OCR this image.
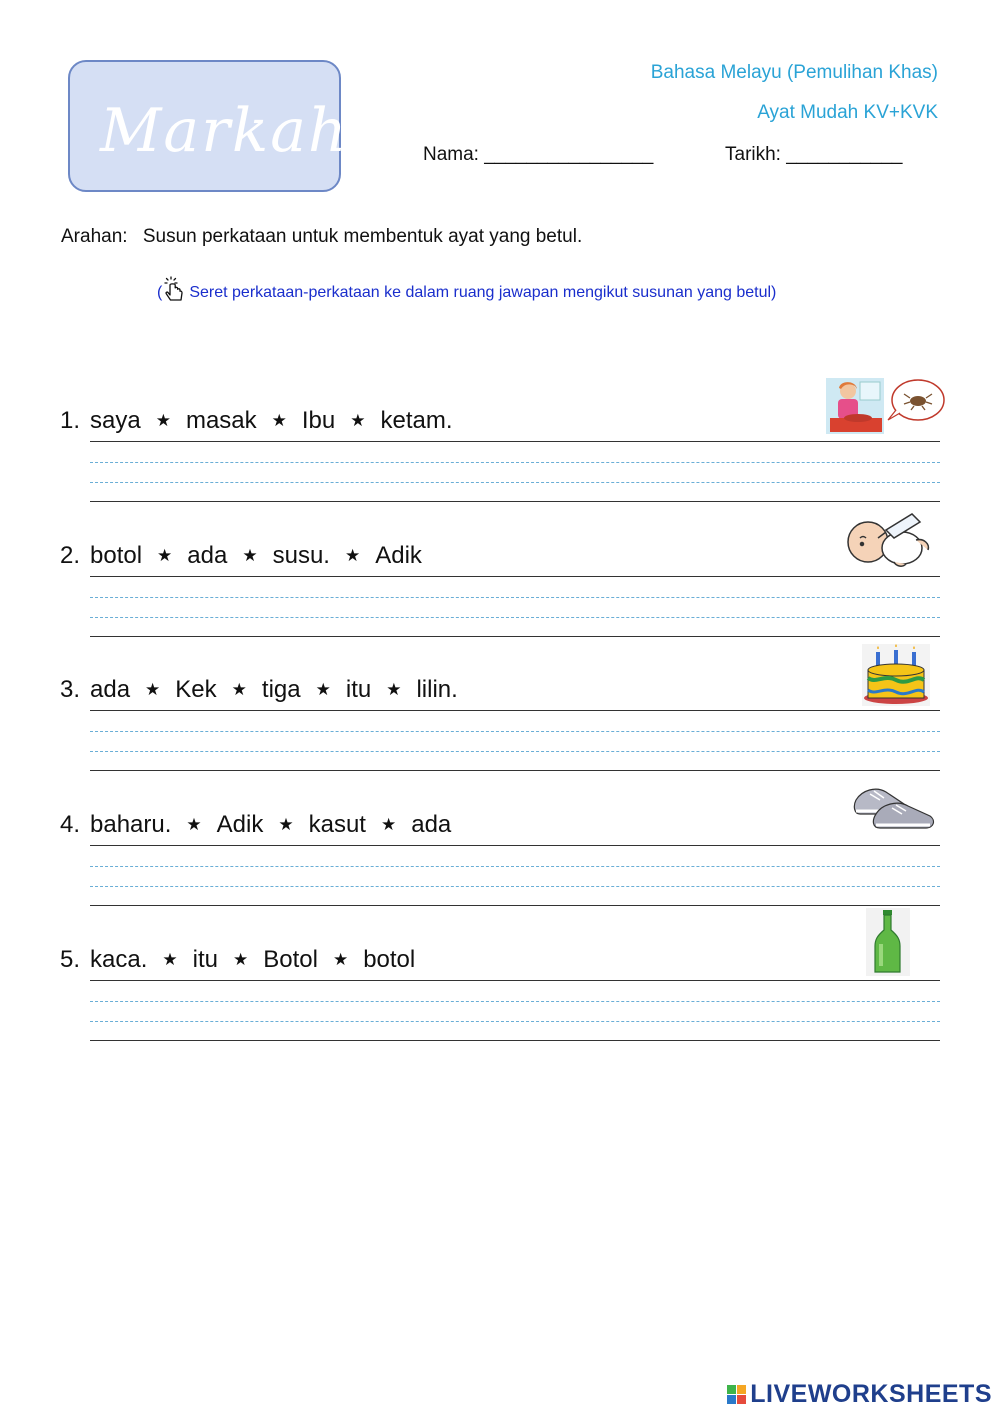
Markah
Bahasa Melayu (Pemulihan Khas)
Ayat Mudah KV+KVK
Nama: ________________	Tarikh: ___________
Arahan: Susun perkataan untuk membentuk ayat yang betul.
( Seret perkataan-perkataan ke dalam ruang jawapan mengikut susunan yang betul)
1. saya ★ masak ★ Ibu ★ ketam.
2. botol ★ ada ★ susu. ★ Adik
3. ada ★ Kek ★ tiga ★ itu ★ lilin.
4. baharu. ★ Adik ★ kasut ★ ada
5. kaca. ★ itu ★ Botol ★ botol
LIVEWORKSHEETS
